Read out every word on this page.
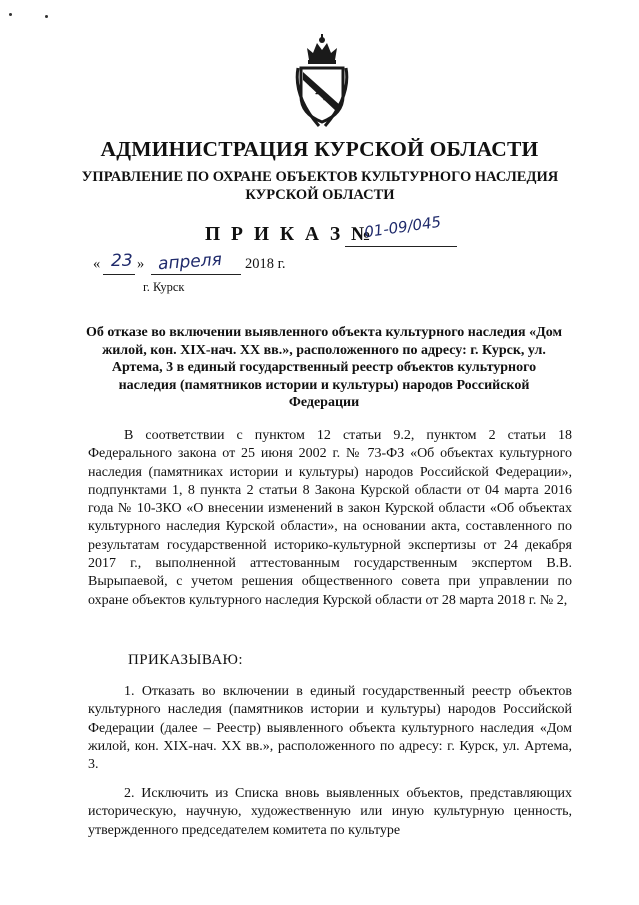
АДМИНИСТРАЦИЯ КУРСКОЙ ОБЛАСТИ
УПРАВЛЕНИЕ ПО ОХРАНЕ ОБЪЕКТОВ КУЛЬТУРНОГО НАСЛЕДИЯ КУРСКОЙ ОБЛАСТИ
П Р И К А З №
01-09/045
« 23 » апреля 2018 г.
г. Курск
Об отказе во включении выявленного объекта культурного наследия «Дом жилой, кон. XIX-нач. XX вв.», расположенного по адресу: г. Курск, ул. Артема, 3 в единый государственный реестр объектов культурного наследия (памятников истории и культуры) народов Российской Федерации

В соответствии с пунктом 12 статьи 9.2, пунктом 2 статьи 18 Федерального закона от 25 июня 2002 г. № 73-ФЗ «Об объектах культурного наследия (памятниках истории и культуры) народов Российской Федерации», подпунктами 1, 8 пункта 2 статьи 8 Закона Курской области от 04 марта 2016 года № 10-ЗКО «О внесении изменений в закон Курской области «Об объектах культурного наследия Курской области», на основании акта, составленного по результатам государственной историко-культурной экспертизы от 24 декабря 2017 г., выполненной аттестованным государственным экспертом В.В. Вырыпаевой, с учетом решения общественного совета при управлении по охране объектов культурного наследия Курской области от 28 марта 2018 г. № 2,

ПРИКАЗЫВАЮ:

1. Отказать во включении в единый государственный реестр объектов культурного наследия (памятников истории и культуры) народов Российской Федерации (далее – Реестр) выявленного объекта культурного наследия «Дом жилой, кон. XIX-нач. XX вв.», расположенного по адресу: г. Курск, ул. Артема, 3.

2. Исключить из Списка вновь выявленных объектов, представляющих историческую, научную, художественную или иную культурную ценность, утвержденного председателем комитета по культуре
